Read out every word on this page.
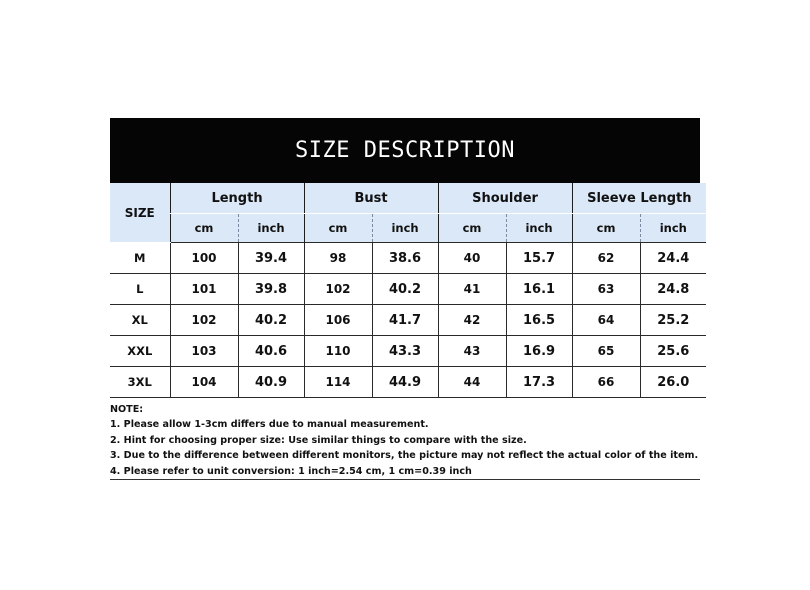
SIZE DESCRIPTION
SIZE	Length		Bust		Shoulder		Sleeve Length	
	cm	inch	cm	inch	cm	inch	cm	inch
M	100	39.4	98	38.6	40	15.7	62	24.4
L	101	39.8	102	40.2	41	16.1	63	24.8
XL	102	40.2	106	41.7	42	16.5	64	25.2
XXL	103	40.6	110	43.3	43	16.9	65	25.6
3XL	104	40.9	114	44.9	44	17.3	66	26.0
NOTE:
1. Please allow 1-3cm differs due to manual measurement.
2. Hint for choosing proper size: Use similar things to compare with the size.
3. Due to the difference between different monitors, the picture may not reflect the actual color of the item.
4. Please refer to unit conversion: 1 inch=2.54 cm, 1 cm=0.39 inch
